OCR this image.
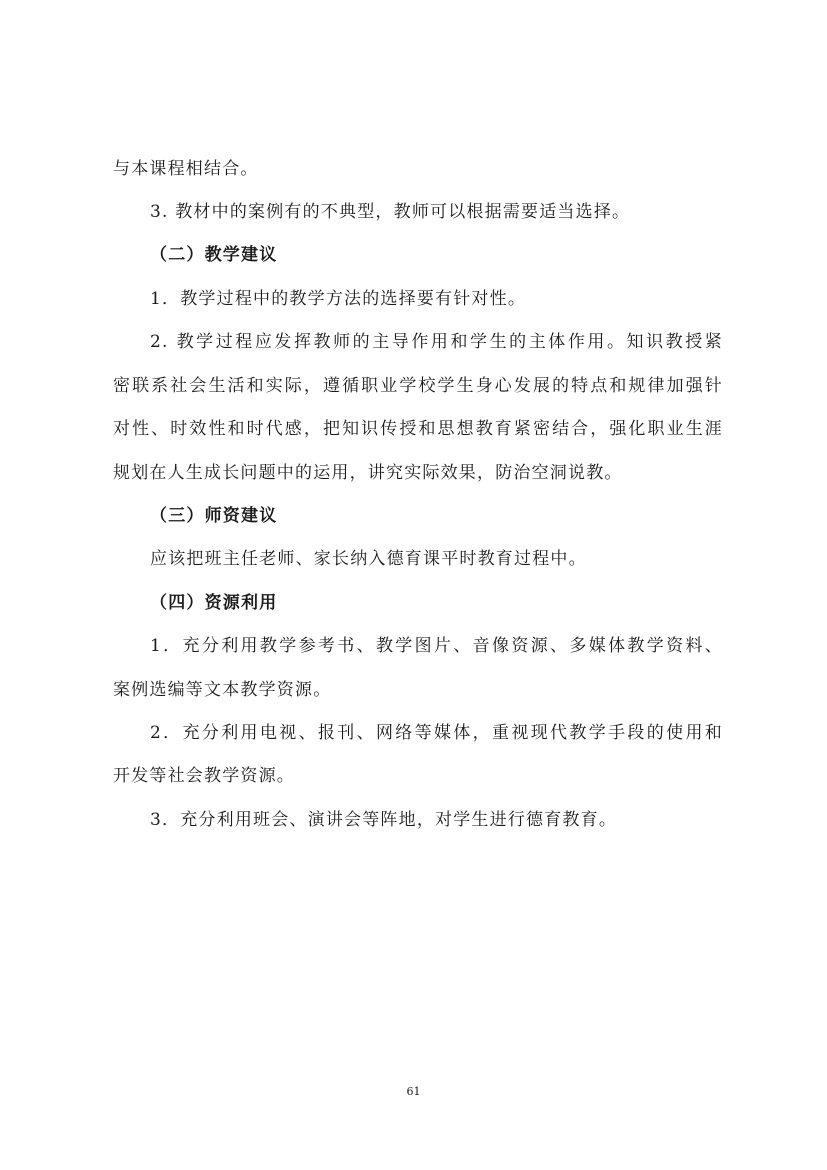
与本课程相结合。
3. 教材中的案例有的不典型，教师可以根据需要适当选择。
（二）教学建议
1．教学过程中的教学方法的选择要有针对性。
2. 教学过程应发挥教师的主导作用和学生的主体作用。知识教授紧
密联系社会生活和实际，遵循职业学校学生身心发展的特点和规律加强针
对性、时效性和时代感，把知识传授和思想教育紧密结合，强化职业生涯
规划在人生成长问题中的运用，讲究实际效果，防治空洞说教。
（三）师资建议
应该把班主任老师、家长纳入德育课平时教育过程中。
（四）资源利用
1．充分利用教学参考书、教学图片、音像资源、多媒体教学资料、
案例选编等文本教学资源。
2．充分利用电视、报刊、网络等媒体，重视现代教学手段的使用和
开发等社会教学资源。
3．充分利用班会、演讲会等阵地，对学生进行德育教育。
61
